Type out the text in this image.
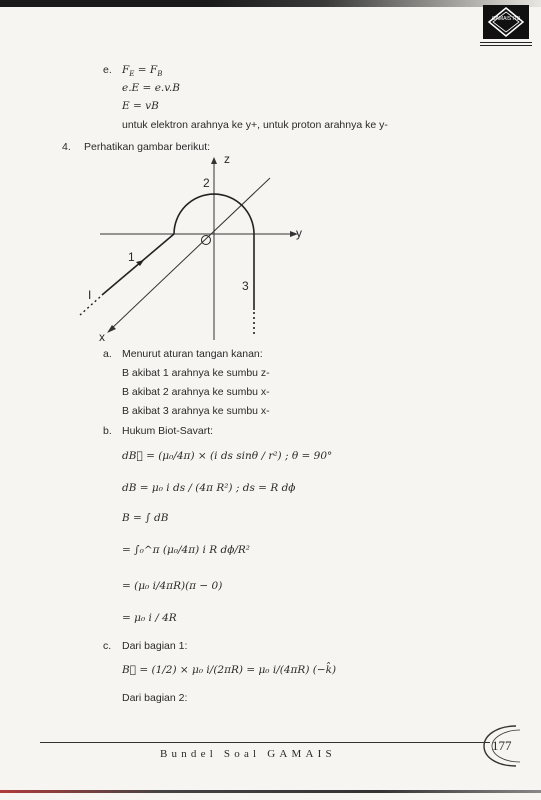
GAMAIS ITB
e. $F_E = F_B$
e.E = e.v.B
E = vB
untuk elektron arahnya ke y+, untuk proton arahnya ke y-
4. Perhatikan gambar berikut:
z
y
x
1
2
3
I
a. Menurut aturan tangan kanan:
B akibat 1 arahnya ke sumbu z-
B akibat 2 arahnya ke sumbu x-
B akibat 3 arahnya ke sumbu x-
b. Hukum Biot-Savart:
dB⃗ = (μ₀/4π) × (i ds sinθ / r²) ; θ = 90°
dB = μ₀ i ds / (4π R²) ; ds = R dϕ
B = ∫ dB
= ∫₀^π (μ₀/4π) i R dϕ/R²
= (μ₀ i/4πR)(π − 0)
= μ₀ i / 4R
c. Dari bagian 1:
B⃗ = (1/2) × μ₀ i/(2πR) = μ₀ i/(4πR) (−k̂)
Dari bagian 2:
Bundel Soal GAMAIS
177
